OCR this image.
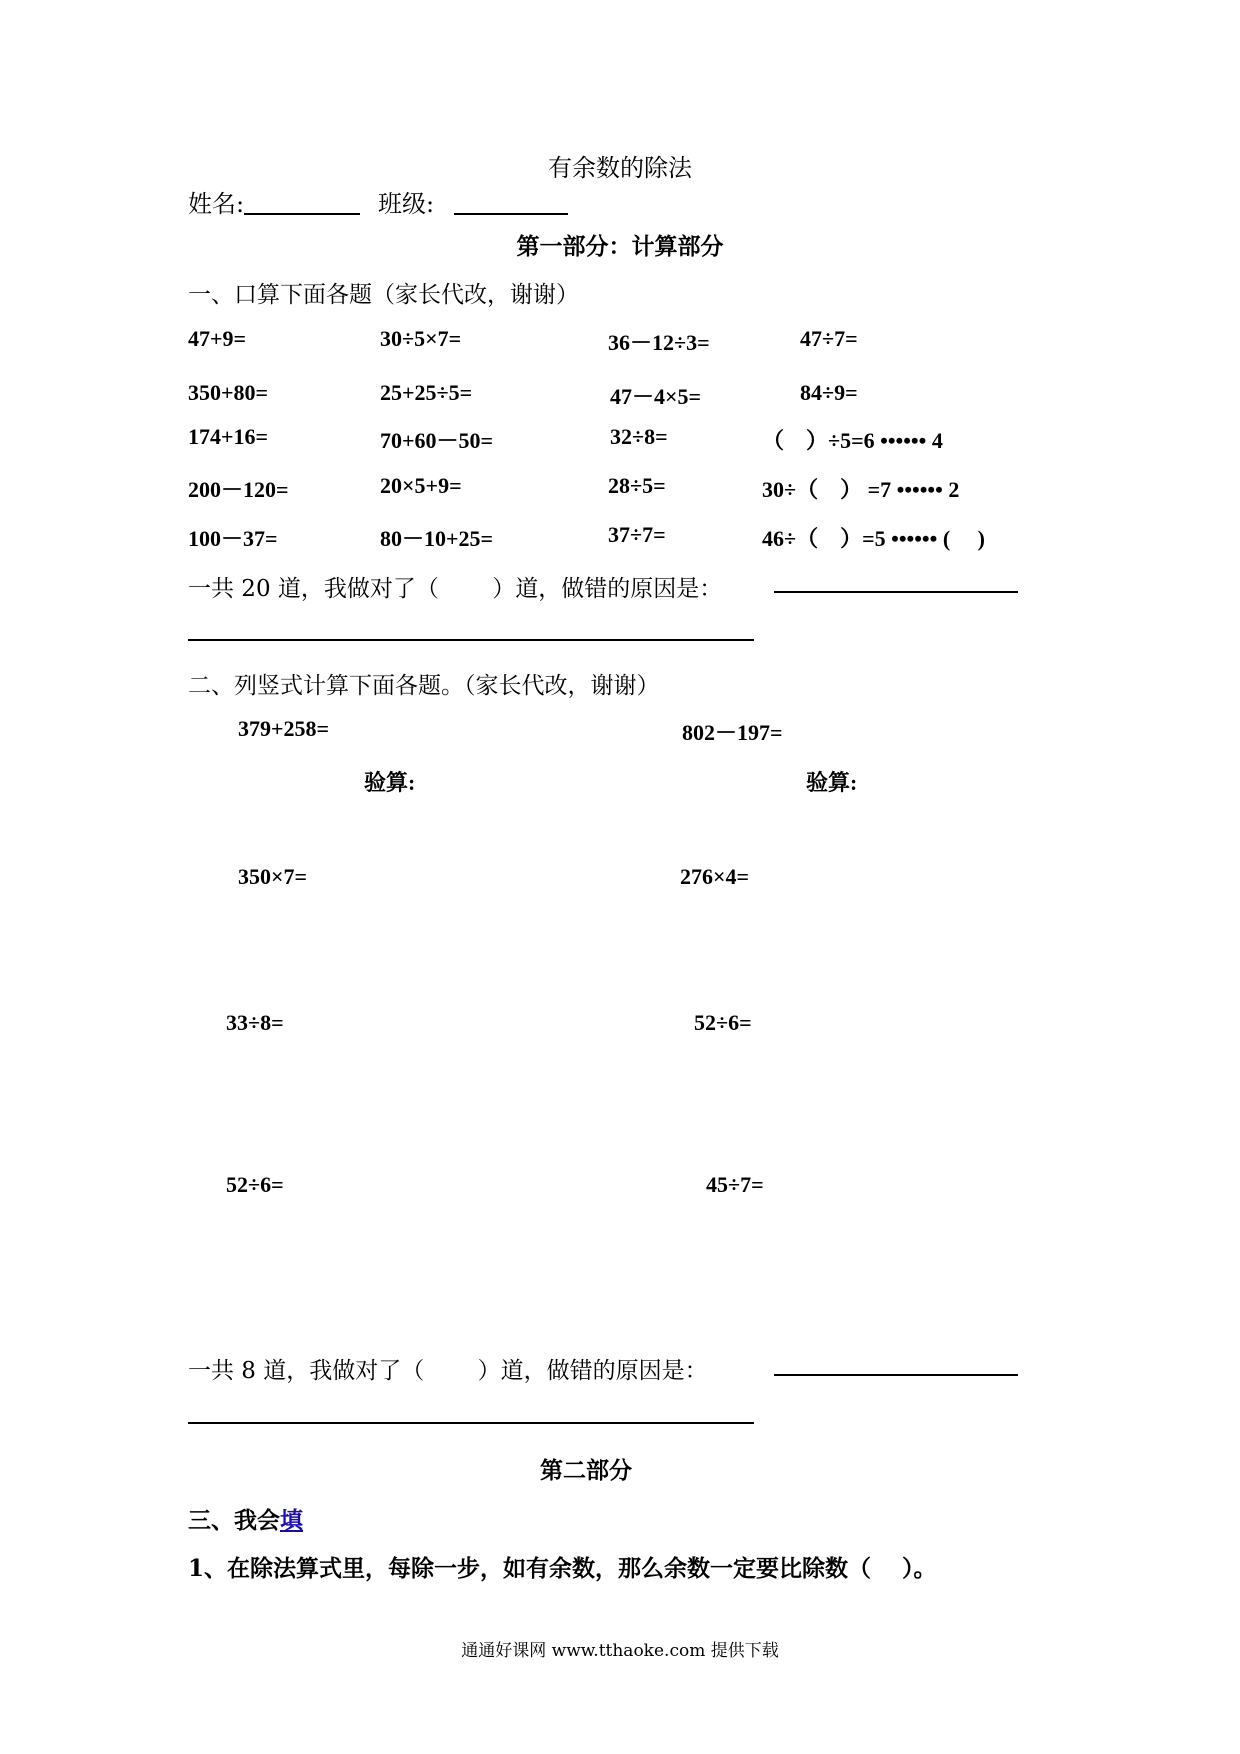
有余数的除法
姓名:	班级:
第一部分：计算部分
一、口算下面各题（家长代改，谢谢）
47+9=	30÷5×7=	36－12÷3=	47÷7=
350+80=	25+25÷5=	47－4×5=	84÷9=
174+16=	70+60－50=	32÷8=	（　）÷5=6 •••••• 4
200－120=	20×5+9=	28÷5=	30÷（　） =7 •••••• 2
100－37=	80－10+25=	37÷7=	46÷（　）=5 •••••• (　 )
一共 20 道，我做对了（　　 ）道，做错的原因是：
二、列竖式计算下面各题。（家长代改，谢谢）
379+258=	802－197=
验算:	验算:
350×7=	276×4=
33÷8=	52÷6=
52÷6=	45÷7=
一共 8 道，我做对了（　　 ）道，做错的原因是：
第二部分
三、我会填
1、在除法算式里，每除一步，如有余数，那么余数一定要比除数（　 ）。
通通好课网 www.tthaoke.com 提供下载
